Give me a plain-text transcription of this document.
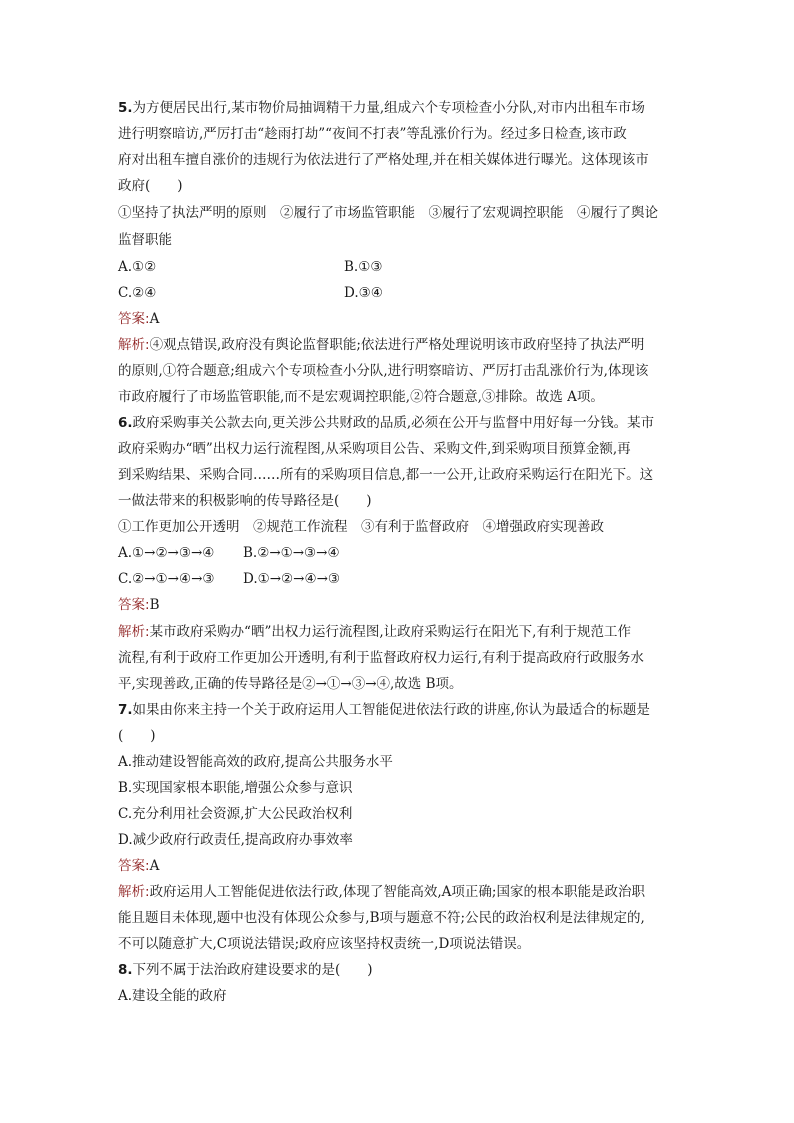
5.为方便居民出行,某市物价局抽调精干力量,组成六个专项检查小分队,对市内出租车市场
进行明察暗访,严厉打击“趁雨打劫”“夜间不打表”等乱涨价行为。经过多日检查,该市政
府对出租车擅自涨价的违规行为依法进行了严格处理,并在相关媒体进行曝光。这体现该市
政府(　　)
①坚持了执法严明的原则　②履行了市场监管职能　③履行了宏观调控职能　④履行了舆论
监督职能
A.①②	B.①③
C.②④	D.③④
答案:A
解析:④观点错误,政府没有舆论监督职能;依法进行严格处理说明该市政府坚持了执法严明
的原则,①符合题意;组成六个专项检查小分队,进行明察暗访、严厉打击乱涨价行为,体现该
市政府履行了市场监管职能,而不是宏观调控职能,②符合题意,③排除。故选 A项。
6.政府采购事关公款去向,更关涉公共财政的品质,必须在公开与监督中用好每一分钱。某市
政府采购办“晒”出权力运行流程图,从采购项目公告、采购文件,到采购项目预算金额,再
到采购结果、采购合同……所有的采购项目信息,都一一公开,让政府采购运行在阳光下。这
一做法带来的积极影响的传导路径是(　　)
①工作更加公开透明　②规范工作流程　③有利于监督政府　④增强政府实现善政
A.①→②→③→④ B.②→①→③→④
C.②→①→④→③ D.①→②→④→③
答案:B
解析:某市政府采购办“晒”出权力运行流程图,让政府采购运行在阳光下,有利于规范工作
流程,有利于政府工作更加公开透明,有利于监督政府权力运行,有利于提高政府行政服务水
平,实现善政,正确的传导路径是②→①→③→④,故选 B项。
7.如果由你来主持一个关于政府运用人工智能促进依法行政的讲座,你认为最适合的标题是
(　　)
A.推动建设智能高效的政府,提高公共服务水平
B.实现国家根本职能,增强公众参与意识
C.充分利用社会资源,扩大公民政治权利
D.减少政府行政责任,提高政府办事效率
答案:A
解析:政府运用人工智能促进依法行政,体现了智能高效,A项正确;国家的根本职能是政治职
能且题目未体现,题中也没有体现公众参与,B项与题意不符;公民的政治权利是法律规定的,
不可以随意扩大,C项说法错误;政府应该坚持权责统一,D项说法错误。
8.下列不属于法治政府建设要求的是(　　)
A.建设全能的政府
